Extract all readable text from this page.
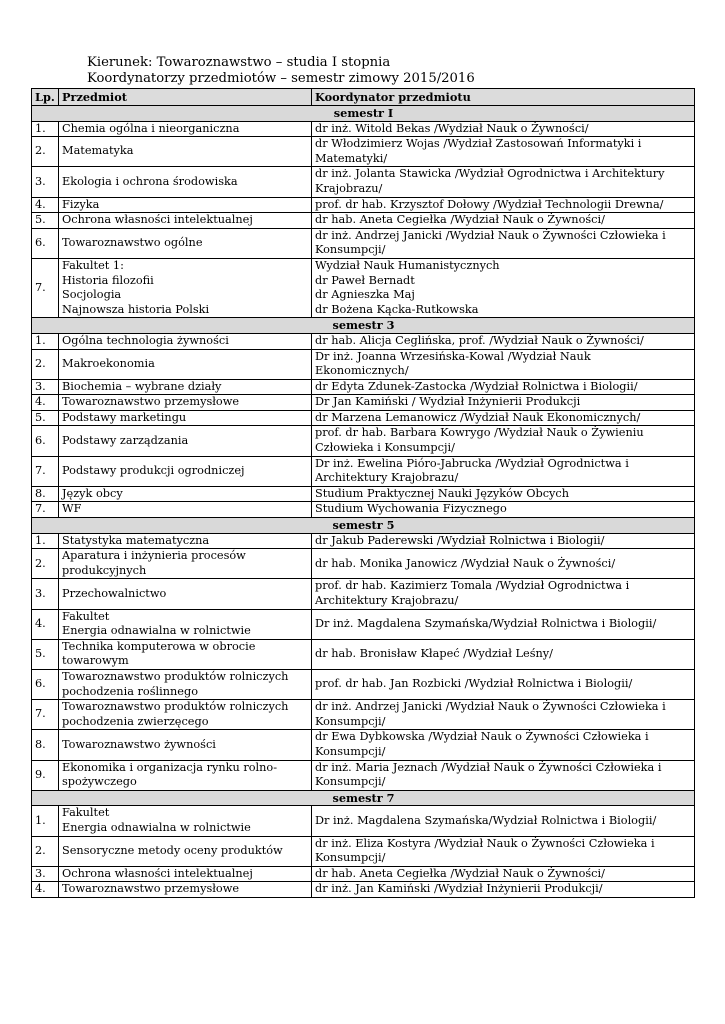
Kierunek: Towaroznawstwo – studia I stopnia
Koordynatorzy przedmiotów – semestr zimowy 2015/2016
Lp.	Przedmiot	Koordynator przedmiotu
semestr I		
1.	Chemia ogólna i nieorganiczna	dr inż. Witold Bekas /Wydział Nauk o Żywności/

2.	Matematyka	dr Włodzimierz Wojas /Wydział Zastosowań Informatyki i
Matematyki/

3.	Ekologia i ochrona środowiska	dr inż. Jolanta Stawicka /Wydział Ogrodnictwa i Architektury
Krajobrazu/

4.	Fizyka	prof. dr hab. Krzysztof Dołowy /Wydział Technologii Drewna/

5.	Ochrona własności intelektualnej	dr hab. Aneta Cegiełka /Wydział Nauk o Żywności/

6.	Towaroznawstwo ogólne	dr inż. Andrzej Janicki /Wydział Nauk o Żywności Człowieka i
Konsumpcji/

7.	Fakultet 1:
Historia filozofii
Socjologia
Najnowsza historia Polski	Wydział Nauk Humanistycznych
dr Paweł Bernadt
dr Agnieszka Maj
dr Bożena Kącka-Rutkowska

semestr 3		
1.	Ogólna technologia żywności	dr hab. Alicja Ceglińska, prof. /Wydział Nauk o Żywności/

2.	Makroekonomia	Dr inż. Joanna Wrzesińska-Kowal /Wydział Nauk
Ekonomicznych/

3.	Biochemia – wybrane działy	dr Edyta Zdunek-Zastocka /Wydział Rolnictwa i Biologii/

4.	Towaroznawstwo przemysłowe	Dr Jan Kamiński / Wydział Inżynierii Produkcji

5.	Podstawy marketingu	dr Marzena Lemanowicz /Wydział Nauk Ekonomicznych/

6.	Podstawy zarządzania	prof. dr hab. Barbara Kowrygo /Wydział Nauk o Żywieniu
Człowieka i Konsumpcji/

7.	Podstawy produkcji ogrodniczej	Dr inż. Ewelina Pióro-Jabrucka /Wydział Ogrodnictwa i
Architektury Krajobrazu/

8.	Język obcy	Studium Praktycznej Nauki Języków Obcych

7.	WF	Studium Wychowania Fizycznego

semestr 5		
1.	Statystyka matematyczna	dr Jakub Paderewski /Wydział Rolnictwa i Biologii/

2.	Aparatura i inżynieria procesów
produkcyjnych	dr hab. Monika Janowicz /Wydział Nauk o Żywności/

3.	Przechowalnictwo	prof. dr hab. Kazimierz Tomala /Wydział Ogrodnictwa i
Architektury Krajobrazu/

4.	Fakultet
Energia odnawialna w rolnictwie	Dr inż. Magdalena Szymańska/Wydział Rolnictwa i Biologii/

5.	Technika komputerowa w obrocie
towarowym	dr hab. Bronisław Kłapeć /Wydział Leśny/

6.	Towaroznawstwo produktów rolniczych
pochodzenia roślinnego	prof. dr hab. Jan Rozbicki /Wydział Rolnictwa i Biologii/

7.	Towaroznawstwo produktów rolniczych
pochodzenia zwierzęcego	dr inż. Andrzej Janicki /Wydział Nauk o Żywności Człowieka i
Konsumpcji/

8.	Towaroznawstwo żywności	dr Ewa Dybkowska /Wydział Nauk o Żywności Człowieka i
Konsumpcji/

9.	Ekonomika i organizacja rynku rolno-
spożywczego	dr inż. Maria Jeznach /Wydział Nauk o Żywności Człowieka i
Konsumpcji/

semestr 7		
1.	Fakultet
Energia odnawialna w rolnictwie	Dr inż. Magdalena Szymańska/Wydział Rolnictwa i Biologii/

2.	Sensoryczne metody oceny produktów	dr inż. Eliza Kostyra /Wydział Nauk o Żywności Człowieka i
Konsumpcji/

3.	Ochrona własności intelektualnej	dr hab. Aneta Cegiełka /Wydział Nauk o Żywności/

4.	Towaroznawstwo przemysłowe	dr inż. Jan Kamiński /Wydział Inżynierii Produkcji/
